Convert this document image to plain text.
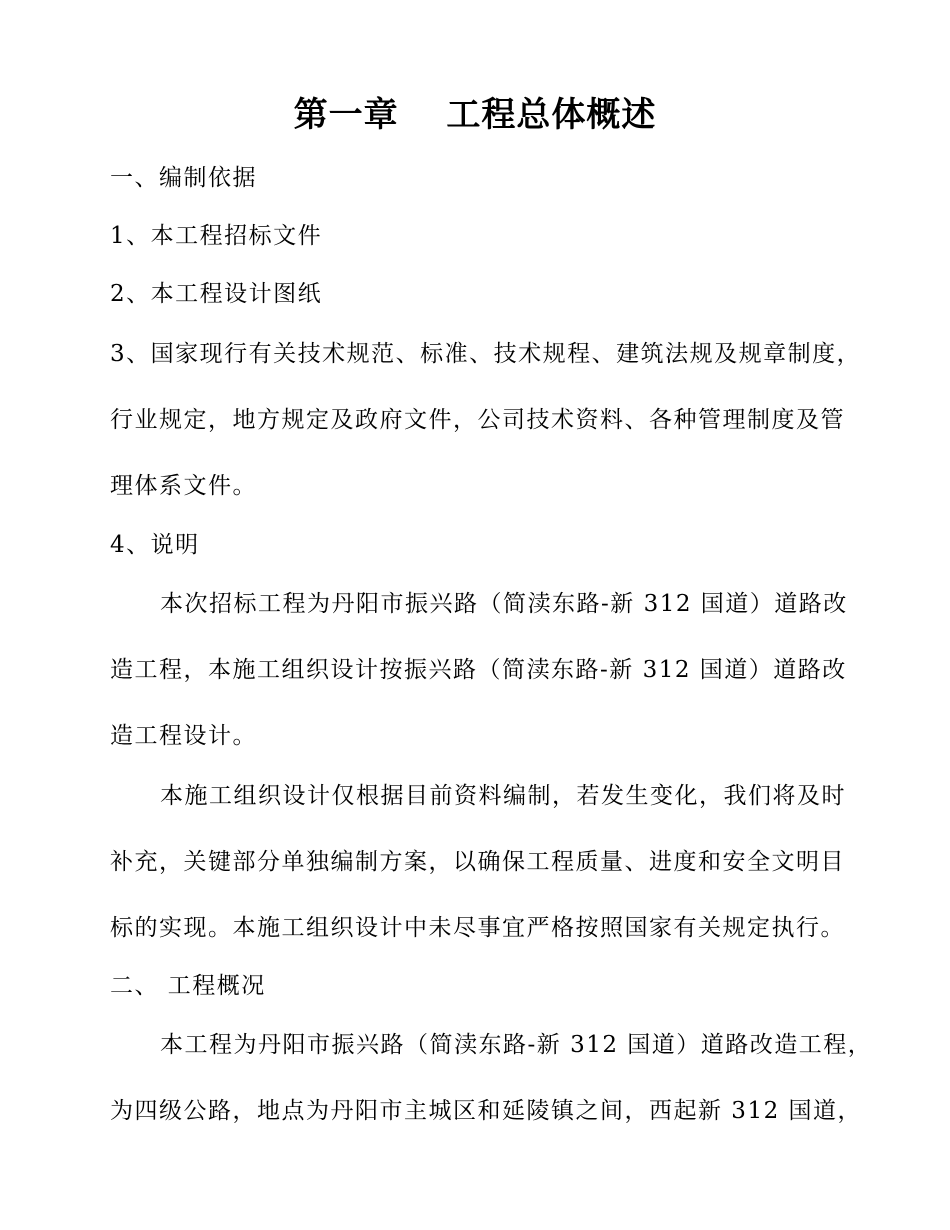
第一章　 工程总体概述
一、编制依据
1、本工程招标文件
2、本工程设计图纸
3、国家现行有关技术规范、标准、技术规程、建筑法规及规章制度，
行业规定，地方规定及政府文件，公司技术资料、各种管理制度及管
理体系文件。
4、说明
本次招标工程为丹阳市振兴路（简渎东路-新 312 国道）道路改
造工程，本施工组织设计按振兴路（简渎东路-新 312 国道）道路改
造工程设计。
本施工组织设计仅根据目前资料编制，若发生变化，我们将及时
补充，关键部分单独编制方案，以确保工程质量、进度和安全文明目
标的实现。本施工组织设计中未尽事宜严格按照国家有关规定执行。
二、 工程概况
本工程为丹阳市振兴路（简渎东路-新 312 国道）道路改造工程，
为四级公路，地点为丹阳市主城区和延陵镇之间，西起新 312 国道，
